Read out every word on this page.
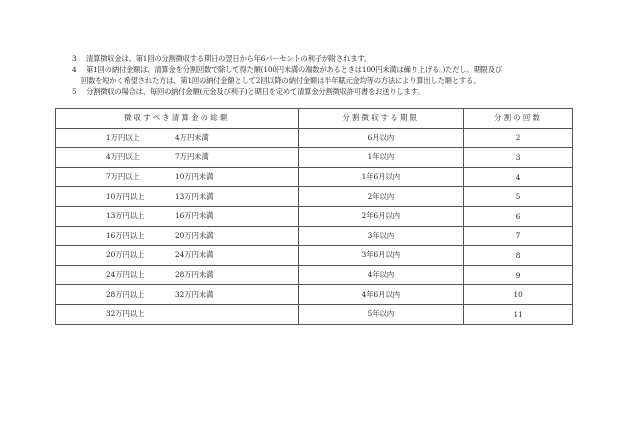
3 清算徴収金は、第1回の分割徴収する期日の翌日から年6パーセントの利子が附されます。
4 第1回の納付金額は、清算金を分割回数で除して得た額(100円未満の端数があるときは100円未満は繰り上げる。)ただし、期限及び
回数を短かく希望された方は、第1回の納付金額として2回以降の納付金額は半年賦元金均等の方法により算出した額とする。
5 分割徴収の場合は、毎回の納付金額(元金及び利子)と期日を定めて清算金分割徴収許可書をお送りします。
徴収すべき清算金の総額	分割徴収する期限	分割の回数

1万円以上 4万円未満	6月以内	2

4万円以上 7万円未満	1年以内	3

7万円以上 10万円未満	1年6月以内	4

10万円以上 13万円未満	2年以内	5

13万円以上 16万円未満	2年6月以内	6

16万円以上 20万円未満	3年以内	7

20万円以上 24万円未満	3年6月以内	8

24万円以上 28万円未満	4年以内	9

28万円以上 32万円未満	4年6月以内	10

32万円以上	5年以内	11
